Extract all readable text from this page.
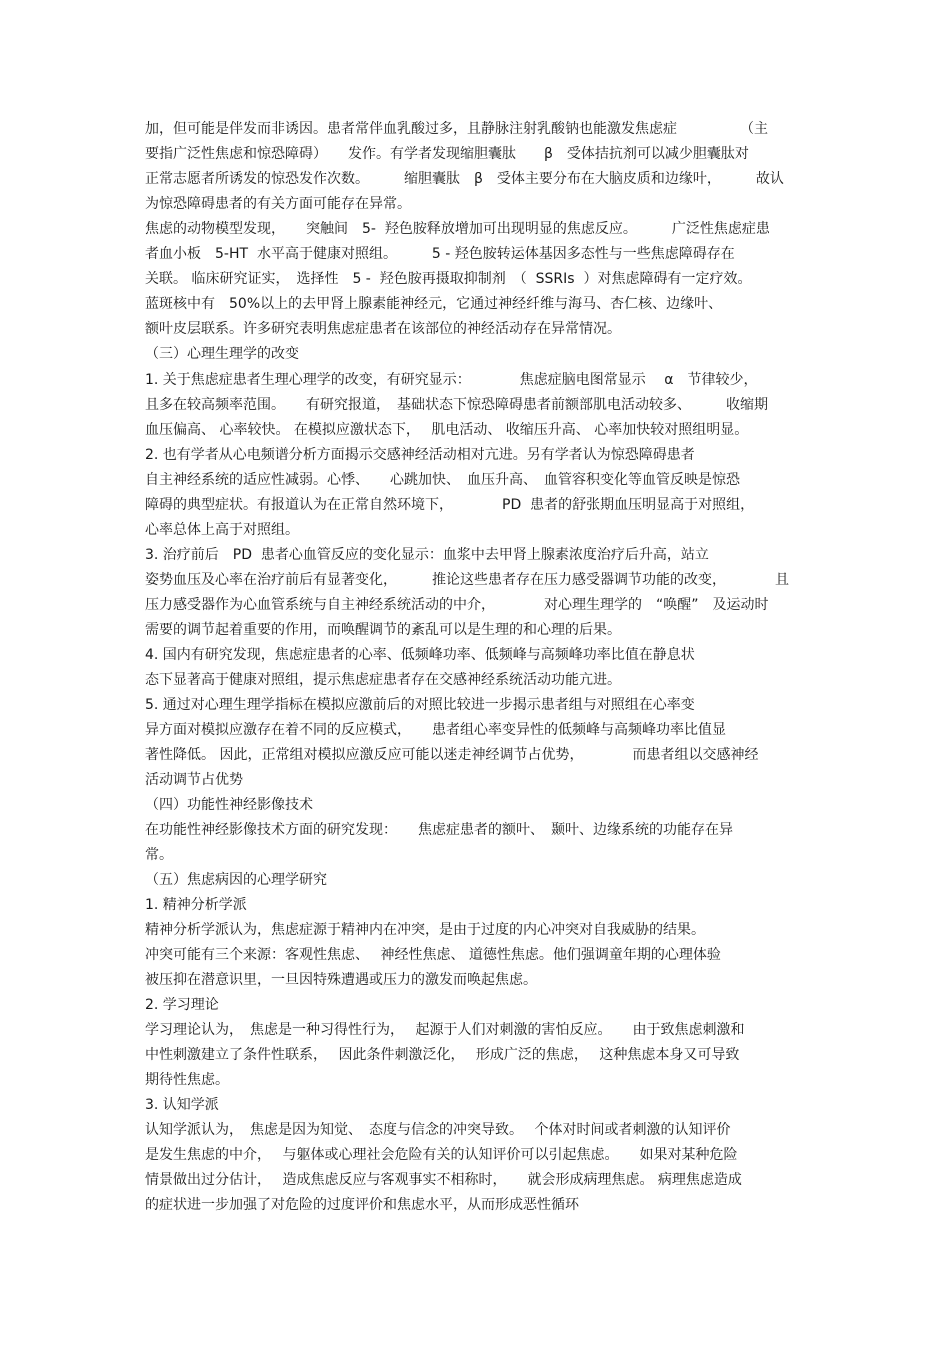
加，但可能是伴发而非诱因。患者常伴血乳酸过多，且静脉注射乳酸钠也能激发焦虑症　　　　　（主

要指广泛性焦虑和惊恐障碍）　　发作。有学者发现缩胆囊肽　　β　受体拮抗剂可以减少胆囊肽对

正常志愿者所诱发的惊恐发作次数。　　　缩胆囊肽　β　受体主要分布在大脑皮质和边缘叶，　　　故认

为惊恐障碍患者的有关方面可能存在异常。

焦虑的动物模型发现，　　突触间　5-  羟色胺释放增加可出现明显的焦虑反应。　　　广泛性焦虑症患

者血小板　5-HT  水平高于健康对照组。　　　5 - 羟色胺转运体基因多态性与一些焦虑障碍存在

关联。 临床研究证实，　选择性　5 -  羟色胺再摄取抑制剂　（  SSRIs  ）对焦虑障碍有一定疗效。

蓝斑核中有　50%以上的去甲肾上腺素能神经元，它通过神经纤维与海马、杏仁核、边缘叶、

额叶皮层联系。许多研究表明焦虑症患者在该部位的神经活动存在异常情况。

（三）心理生理学的改变

1. 关于焦虑症患者生理心理学的改变，有研究显示：　　　　焦虑症脑电图常显示　 α　节律较少，

且多在较高频率范围。　　有研究报道，　基础状态下惊恐障碍患者前额部肌电活动较多、　　　收缩期

血压偏高、 心率较快。 在模拟应激状态下，　 肌电活动、 收缩压升高、 心率加快较对照组明显。

2. 也有学者从心电频谱分析方面揭示交感神经活动相对亢进。另有学者认为惊恐障碍患者

自主神经系统的适应性减弱。心悸、　　心跳加快、　血压升高、　血管容积变化等血管反映是惊恐

障碍的典型症状。有报道认为在正常自然环境下，　　　　PD  患者的舒张期血压明显高于对照组，

心率总体上高于对照组。

3. 治疗前后　PD  患者心血管反应的变化显示：血浆中去甲肾上腺素浓度治疗后升高，站立

姿势血压及心率在治疗前后有显著变化，　　　推论这些患者存在压力感受器调节功能的改变，　　　　且

压力感受器作为心血管系统与自主神经系统活动的中介，　　　　对心理生理学的　“唤醒”　及运动时

需要的调节起着重要的作用，而唤醒调节的紊乱可以是生理的和心理的后果。

4. 国内有研究发现，焦虑症患者的心率、低频峰功率、低频峰与高频峰功率比值在静息状

态下显著高于健康对照组，提示焦虑症患者存在交感神经系统活动功能亢进。

5. 通过对心理生理学指标在模拟应激前后的对照比较进一步揭示患者组与对照组在心率变

异方面对模拟应激存在着不同的反应模式，　　患者组心率变异性的低频峰与高频峰功率比值显

著性降低。 因此，正常组对模拟应激反应可能以迷走神经调节占优势，　　　　而患者组以交感神经

活动调节占优势

（四）功能性神经影像技术

在功能性神经影像技术方面的研究发现：　　焦虑症患者的额叶、　颞叶、边缘系统的功能存在异

常。

（五）焦虑病因的心理学研究

1. 精神分析学派

精神分析学派认为，焦虑症源于精神内在冲突，是由于过度的内心冲突对自我威胁的结果。

冲突可能有三个来源：客观性焦虑、　 神经性焦虑、 道德性焦虑。他们强调童年期的心理体验

被压抑在潜意识里，一旦因特殊遭遇或压力的激发而唤起焦虑。

2. 学习理论

学习理论认为，　焦虑是一种习得性行为，　 起源于人们对刺激的害怕反应。　　由于致焦虑刺激和

中性刺激建立了条件性联系，　 因此条件刺激泛化，　 形成广泛的焦虑，　 这种焦虑本身又可导致

期待性焦虑。

3. 认知学派

认知学派认为，　焦虑是因为知觉、　态度与信念的冲突导致。　 个体对时间或者刺激的认知评价

是发生焦虑的中介，　 与躯体或心理社会危险有关的认知评价可以引起焦虑。　　如果对某种危险

情景做出过分估计，　 造成焦虑反应与客观事实不相称时，　　就会形成病理焦虑。 病理焦虑造成

的症状进一步加强了对危险的过度评价和焦虑水平，从而形成恶性循环
